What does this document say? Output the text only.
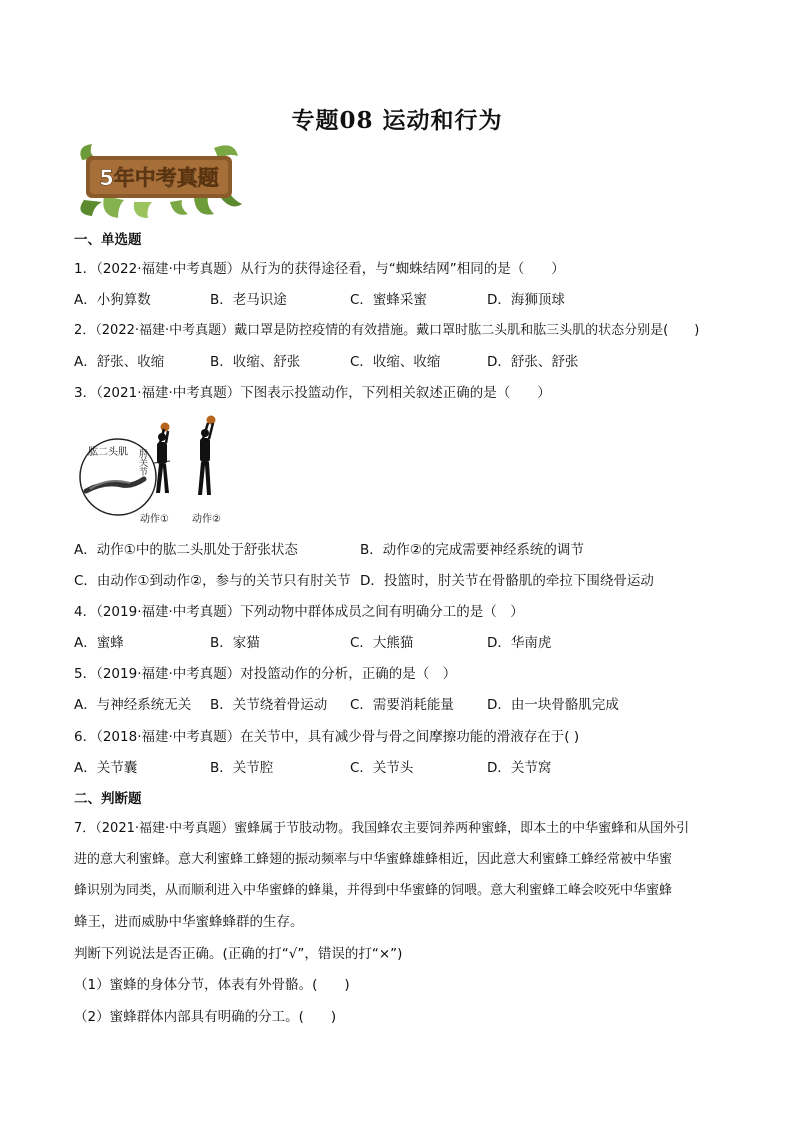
专题08 运动和行为
5年中考真题
一、单选题
1．（2022·福建·中考真题）从行为的获得途径看，与“蜘蛛结网”相同的是（　　）
A．小狗算数	B．老马识途	C．蜜蜂采蜜	D．海狮顶球
2．（2022·福建·中考真题）戴口罩是防控疫情的有效措施。戴口罩时肱二头肌和肱三头肌的状态分别是(　　)
A．舒张、收缩	B．收缩、舒张	C．收缩、收缩	D．舒张、舒张
3．（2021·福建·中考真题）下图表示投篮动作，下列相关叙述正确的是（　　）
肱二头肌 肘关节
动作① 动作②
A．动作①中的肱二头肌处于舒张状态	B．动作②的完成需要神经系统的调节
C．由动作①到动作②，参与的关节只有肘关节 D．投篮时，肘关节在骨骼肌的牵拉下围绕骨运动
4．（2019·福建·中考真题）下列动物中群体成员之间有明确分工的是（　）
A．蜜蜂	B．家猫	C．大熊猫	D．华南虎
5．（2019·福建·中考真题）对投篮动作的分析，正确的是（　）
A．与神经系统无关 B．关节绕着骨运动 C．需要消耗能量 D．由一块骨骼肌完成
6．（2018·福建·中考真题）在关节中，具有减少骨与骨之间摩擦功能的滑液存在于( )
A．关节囊	B．关节腔	C．关节头	D．关节窝
二、判断题
7．（2021·福建·中考真题）蜜蜂属于节肢动物。我国蜂农主要饲养两种蜜蜂，即本土的中华蜜蜂和从国外引
进的意大利蜜蜂。意大利蜜蜂工蜂翅的振动频率与中华蜜蜂雄蜂相近，因此意大利蜜蜂工蜂经常被中华蜜
蜂识别为同类，从而顺利进入中华蜜蜂的蜂巢，并得到中华蜜蜂的饲喂。意大利蜜蜂工峰会咬死中华蜜蜂
蜂王，进而威胁中华蜜蜂蜂群的生存。
判断下列说法是否正确。(正确的打“√”，错误的打“×”)
（1）蜜蜂的身体分节，体表有外骨骼。(　　)
（2）蜜蜂群体内部具有明确的分工。(　　)
